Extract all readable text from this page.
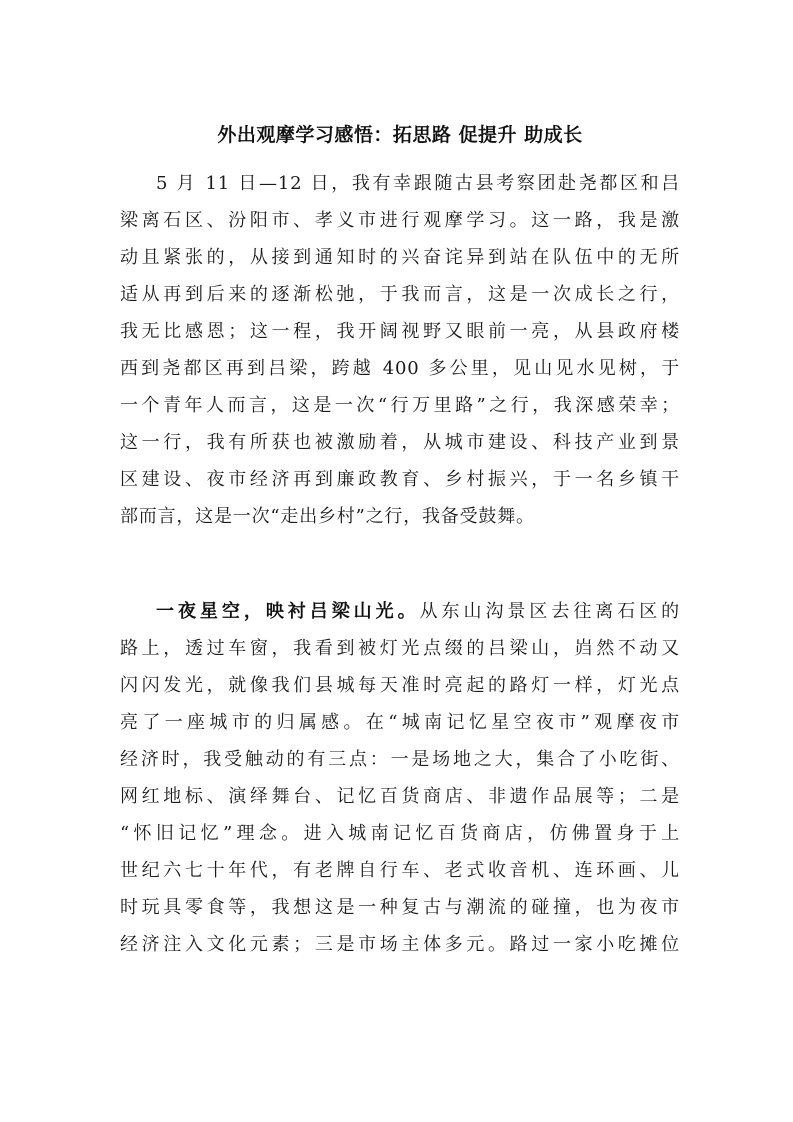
外出观摩学习感悟：拓思路 促提升 助成长
5 月 11 日—12 日，我有幸跟随古县考察团赴尧都区和吕
梁离石区、汾阳市、孝义市进行观摩学习。这一路，我是激
动且紧张的，从接到通知时的兴奋诧异到站在队伍中的无所
适从再到后来的逐渐松弛，于我而言，这是一次成长之行，
我无比感恩；这一程，我开阔视野又眼前一亮，从县政府楼
西到尧都区再到吕梁，跨越 400 多公里，见山见水见树，于
一个青年人而言，这是一次“行万里路”之行，我深感荣幸；
这一行，我有所获也被激励着，从城市建设、科技产业到景
区建设、夜市经济再到廉政教育、乡村振兴，于一名乡镇干
部而言，这是一次“走出乡村”之行，我备受鼓舞。
一夜星空，映衬吕梁山光。从东山沟景区去往离石区的
路上，透过车窗，我看到被灯光点缀的吕梁山，岿然不动又
闪闪发光，就像我们县城每天准时亮起的路灯一样，灯光点
亮了一座城市的归属感。在“城南记忆星空夜市”观摩夜市
经济时，我受触动的有三点：一是场地之大，集合了小吃街、
网红地标、演绎舞台、记忆百货商店、非遗作品展等；二是
“怀旧记忆”理念。进入城南记忆百货商店，仿佛置身于上
世纪六七十年代，有老牌自行车、老式收音机、连环画、儿
时玩具零食等，我想这是一种复古与潮流的碰撞，也为夜市
经济注入文化元素；三是市场主体多元。路过一家小吃摊位
